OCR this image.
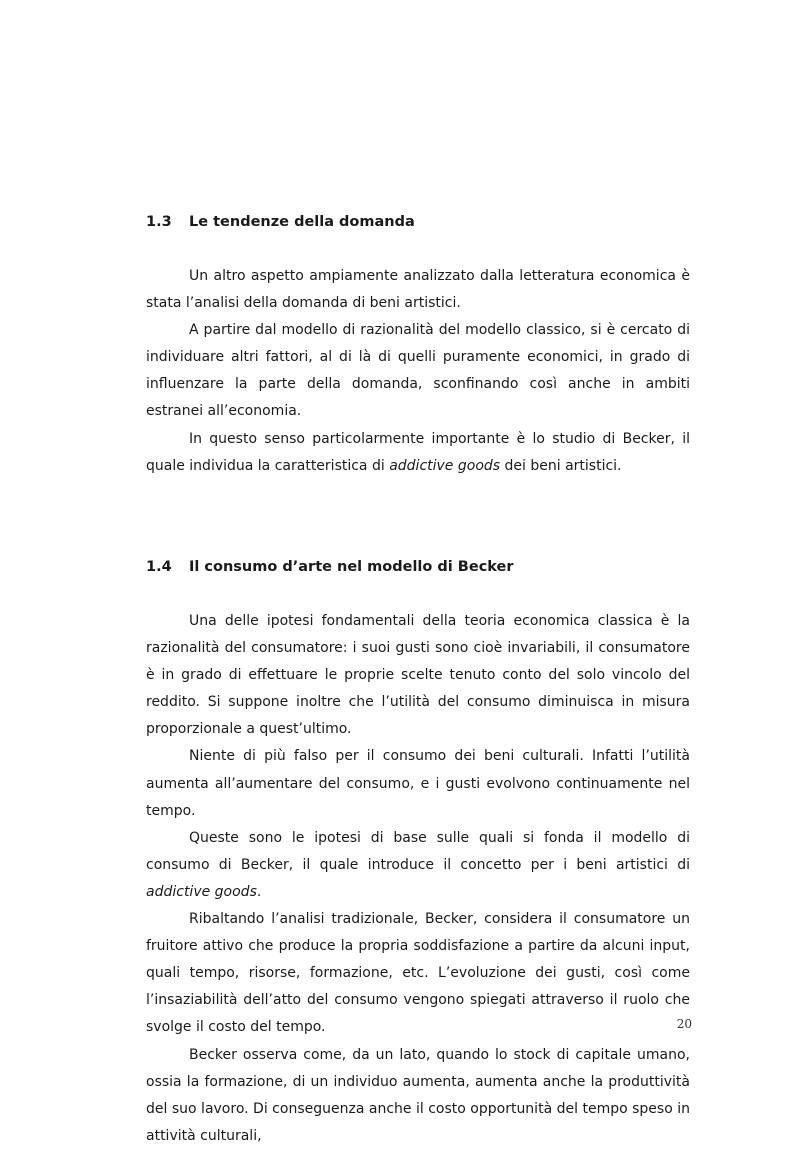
1.3 Le tendenze della domanda

Un altro aspetto ampiamente analizzato dalla letteratura economica è stata l’analisi della domanda di beni artistici.

A partire dal modello di razionalità del modello classico, si è cercato di individuare altri fattori, al di là di quelli puramente economici, in grado di influenzare la parte della domanda, sconfinando così anche in ambiti estranei all’economia.

In questo senso particolarmente importante è lo studio di Becker, il quale individua la caratteristica di addictive goods dei beni artistici.

1.4 Il consumo d’arte nel modello di Becker

Una delle ipotesi fondamentali della teoria economica classica è la razionalità del consumatore: i suoi gusti sono cioè invariabili, il consumatore è in grado di effettuare le proprie scelte tenuto conto del solo vincolo del reddito. Si suppone inoltre che l’utilità del consumo diminuisca in misura proporzionale a quest’ultimo.

Niente di più falso per il consumo dei beni culturali. Infatti l’utilità aumenta all’aumentare del consumo, e i gusti evolvono continuamente nel tempo.

Queste sono le ipotesi di base sulle quali si fonda il modello di consumo di Becker, il quale introduce il concetto per i beni artistici di addictive goods.

Ribaltando l’analisi tradizionale, Becker, considera il consumatore un fruitore attivo che produce la propria soddisfazione a partire da alcuni input, quali tempo, risorse, formazione, etc. L’evoluzione dei gusti, così come l’insaziabilità dell’atto del consumo vengono spiegati attraverso il ruolo che svolge il costo del tempo.

Becker osserva come, da un lato, quando lo stock di capitale umano, ossia la formazione, di un individuo aumenta, aumenta anche la produttività del suo lavoro. Di conseguenza anche il costo opportunità del tempo speso in attività culturali,

20
